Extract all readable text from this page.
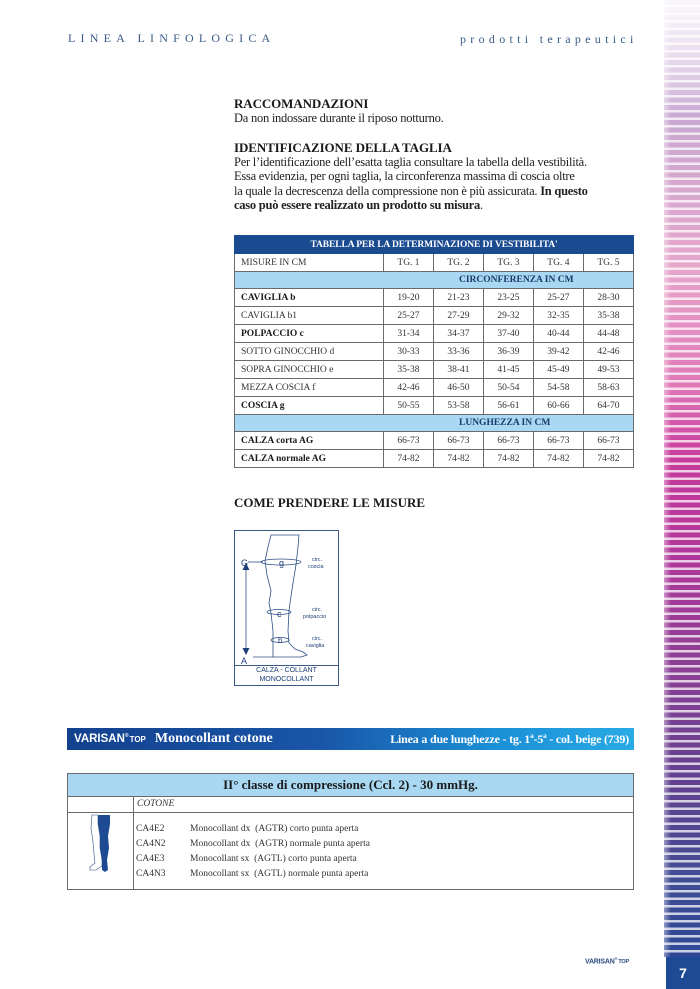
LINEA LINFOLOGICA	prodotti terapeutici
RACCOMANDAZIONI
Da non indossare durante il riposo notturno.
IDENTIFICAZIONE DELLA TAGLIA
Per l’identificazione dell’esatta taglia consultare la tabella della vestibilità.
Essa evidenzia, per ogni taglia, la circonferenza massima di coscia oltre
la quale la decrescenza della compressione non è più assicurata. In questo
caso può essere realizzato un prodotto su misura.
TABELLA PER LA DETERMINAZIONE DI VESTIBILITA'					
MISURE IN CM	TG. 1	TG. 2	TG. 3	TG. 4	TG. 5
CIRCONFERENZA IN CM					
CAVIGLIA b	19-20	21-23	23-25	25-27	28-30
CAVIGLIA b1	25-27	27-29	29-32	32-35	35-38
POLPACCIO c	31-34	34-37	37-40	40-44	44-48
SOTTO GINOCCHIO d	30-33	33-36	36-39	39-42	42-46
SOPRA GINOCCHIO e	35-38	38-41	41-45	45-49	49-53
MEZZA COSCIA f	42-46	46-50	50-54	54-58	58-63
COSCIA g	50-55	53-58	56-61	60-66	64-70
LUNGHEZZA IN CM					
CALZA corta AG	66-73	66-73	66-73	66-73	66-73
CALZA normale AG	74-82	74-82	74-82	74-82	74-82
COME PRENDERE LE MISURE
G
A
g
c
b
circ.
coscia
circ.
polpaccio
circ.
caviglia
CALZA - COLLANT
MONOCOLLANT
VARISAN®TOP Monocollant cotone	Linea a due lunghezze - tg. 1ª-5ª - col. beige (739)
II° classe di compressione (Ccl. 2) - 30 mmHg.
COTONE
CA4E2	Monocollant dx  (AGTR) corto punta aperta
CA4N2	Monocollant dx  (AGTR) normale punta aperta
CA4E3	Monocollant sx  (AGTL) corto punta aperta
CA4N3	Monocollant sx  (AGTL) normale punta aperta
VARISAN®TOP
7
